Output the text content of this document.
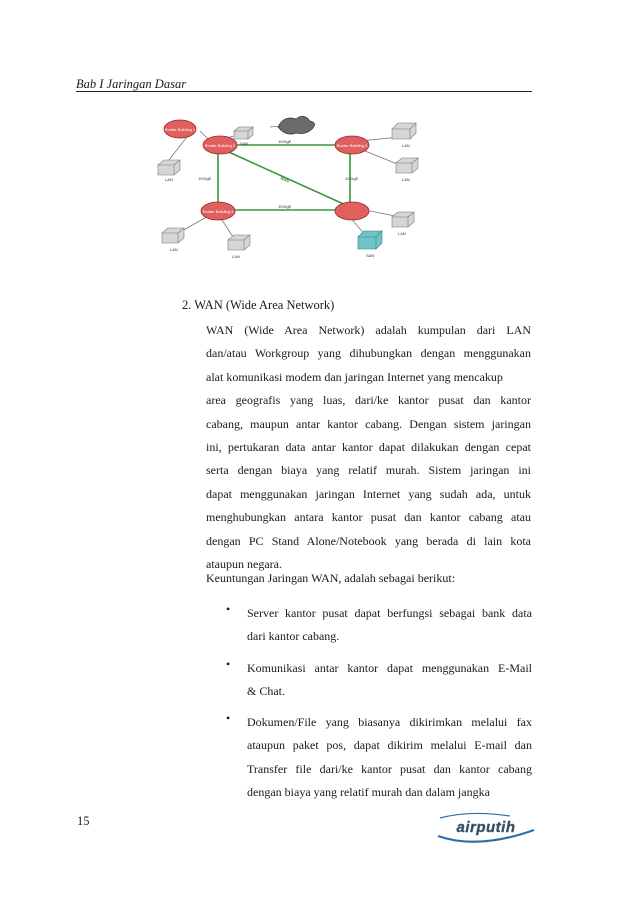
Bab I Jaringan Dasar
Router Building 1
Router Building 2	Router Building 3
Router Building 4
SAN
SAN
LAN
LAN
LAN
LAN
LAN
LAN
10GigE
10GigE
10GigE	10GigE
WAN
2. WAN (Wide Area Network)

WAN (Wide Area Network) adalah kumpulan dari LAN
dan/atau Workgroup yang dihubungkan dengan menggunakan
alat komunikasi modem dan jaringan Internet yang mencakup
area geografis yang luas, dari/ke kantor pusat dan kantor
cabang, maupun antar kantor cabang. Dengan sistem jaringan
ini, pertukaran data antar kantor dapat dilakukan dengan cepat
serta dengan biaya yang relatif murah. Sistem jaringan ini
dapat menggunakan jaringan Internet yang sudah ada, untuk
menghubungkan antara kantor pusat dan kantor cabang atau
dengan PC Stand Alone/Notebook yang berada di lain kota
ataupun negara.

Keuntungan Jaringan WAN, adalah sebagai berikut:
• Server kantor pusat dapat berfungsi sebagai bank data
dari kantor cabang.
• Komunikasi antar kantor dapat menggunakan E-Mail
& Chat.
• Dokumen/File yang biasanya dikirimkan melalui fax
ataupun paket pos, dapat dikirim melalui E-mail dan
Transfer file dari/ke kantor pusat dan kantor cabang
dengan biaya yang relatif murah dan dalam jangka
15	airputih
